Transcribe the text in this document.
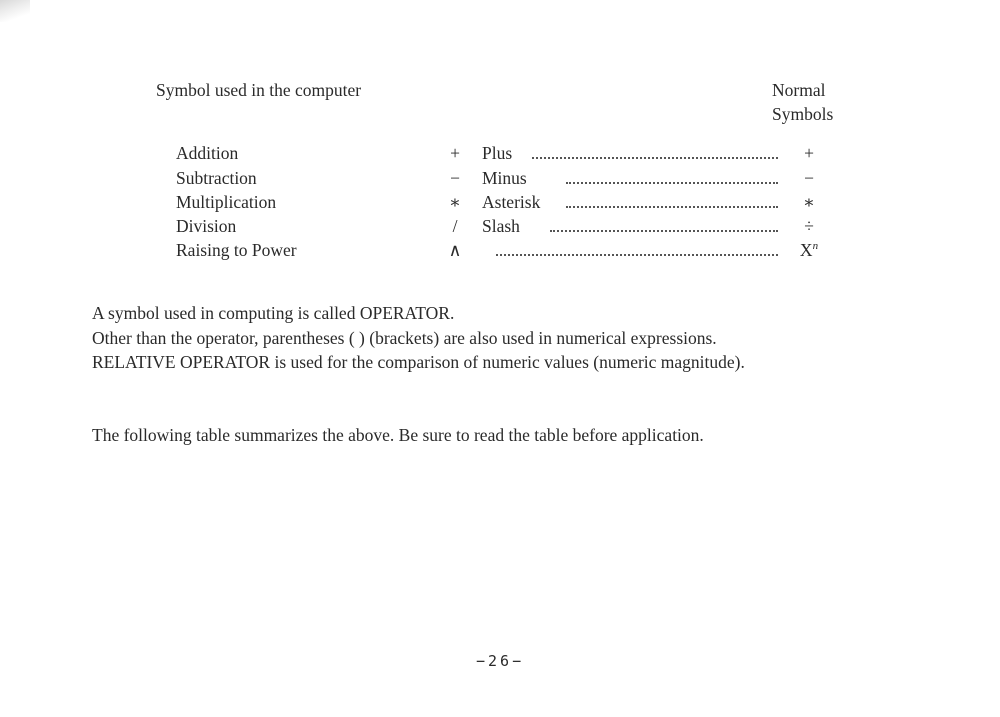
Symbol used in the computer	Normal
Symbols
Addition	+ Plus	+
Subtraction	− Minus	−
Multiplication	∗ Asterisk	∗
Division	/	Slash	÷
Raising to Power	∧	$X^n$
A symbol used in computing is called OPERATOR.
Other than the operator, parentheses ( ) (brackets) are also used in numerical expressions.
RELATIVE OPERATOR is used for the comparison of numeric values (numeric magnitude).
The following table summarizes the above. Be sure to read the table before application.
−26−
